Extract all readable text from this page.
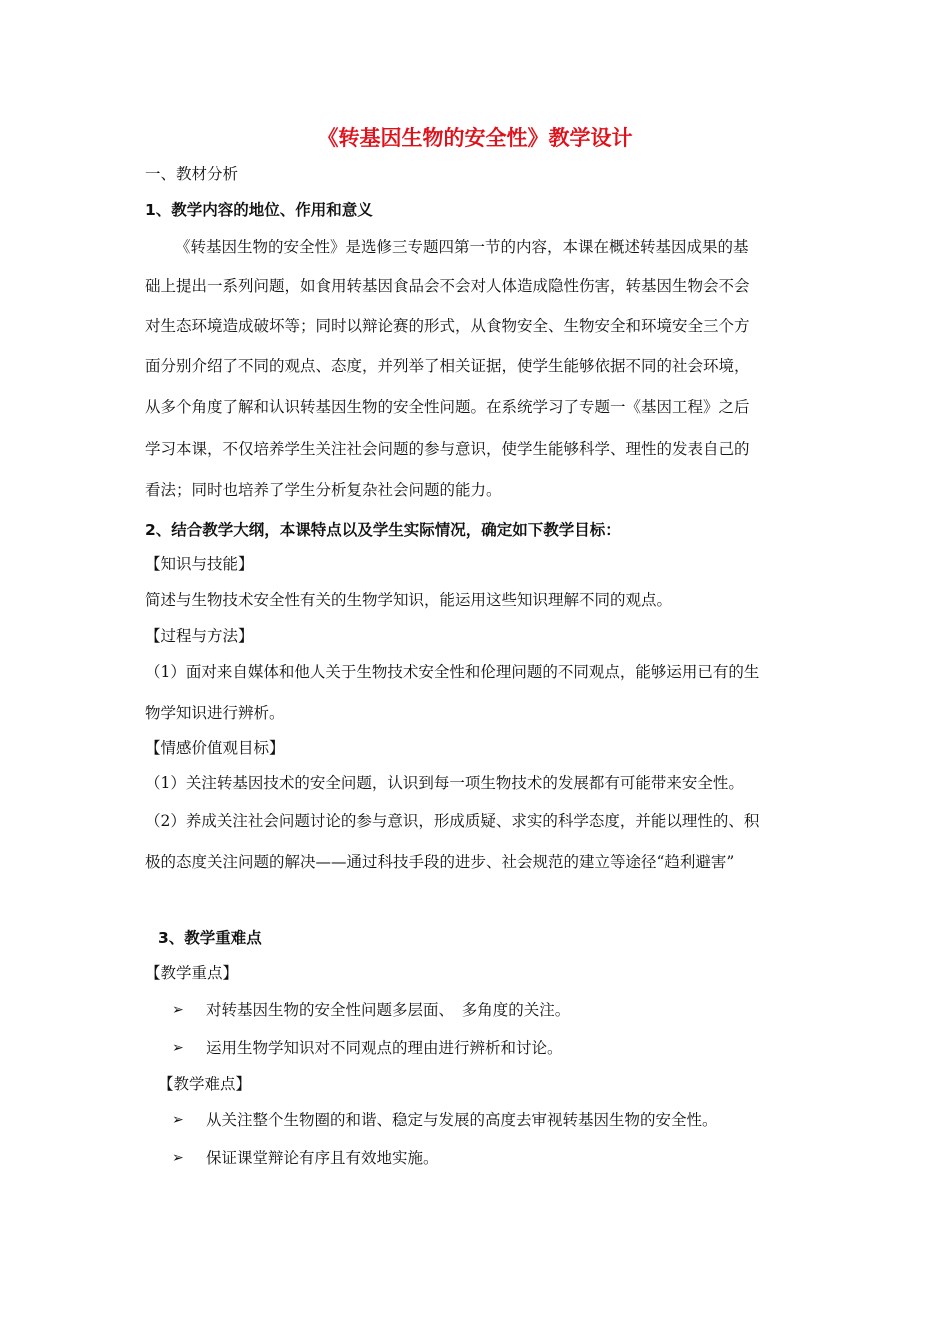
《转基因生物的安全性》教学设计
一、教材分析
1、教学内容的地位、作用和意义
《转基因生物的安全性》是选修三专题四第一节的内容，本课在概述转基因成果的基
础上提出一系列问题，如食用转基因食品会不会对人体造成隐性伤害，转基因生物会不会
对生态环境造成破坏等；同时以辩论赛的形式，从食物安全、生物安全和环境安全三个方
面分别介绍了不同的观点、态度，并列举了相关证据，使学生能够依据不同的社会环境，
从多个角度了解和认识转基因生物的安全性问题。在系统学习了专题一《基因工程》之后
学习本课，不仅培养学生关注社会问题的参与意识，使学生能够科学、理性的发表自己的
看法；同时也培养了学生分析复杂社会问题的能力。
2、结合教学大纲，本课特点以及学生实际情况，确定如下教学目标：
【知识与技能】
简述与生物技术安全性有关的生物学知识，能运用这些知识理解不同的观点。
【过程与方法】
（1）面对来自媒体和他人关于生物技术安全性和伦理问题的不同观点，能够运用已有的生
物学知识进行辨析。
【情感价值观目标】
（1）关注转基因技术的安全问题，认识到每一项生物技术的发展都有可能带来安全性。
（2）养成关注社会问题讨论的参与意识，形成质疑、求实的科学态度，并能以理性的、积
极的态度关注问题的解决——通过科技手段的进步、社会规范的建立等途径“趋利避害”
3、教学重难点
【教学重点】
➢ 对转基因生物的安全性问题多层面、　多角度的关注。
➢ 运用生物学知识对不同观点的理由进行辨析和讨论。
【教学难点】
➢ 从关注整个生物圈的和谐、稳定与发展的高度去审视转基因生物的安全性。
➢ 保证课堂辩论有序且有效地实施。
